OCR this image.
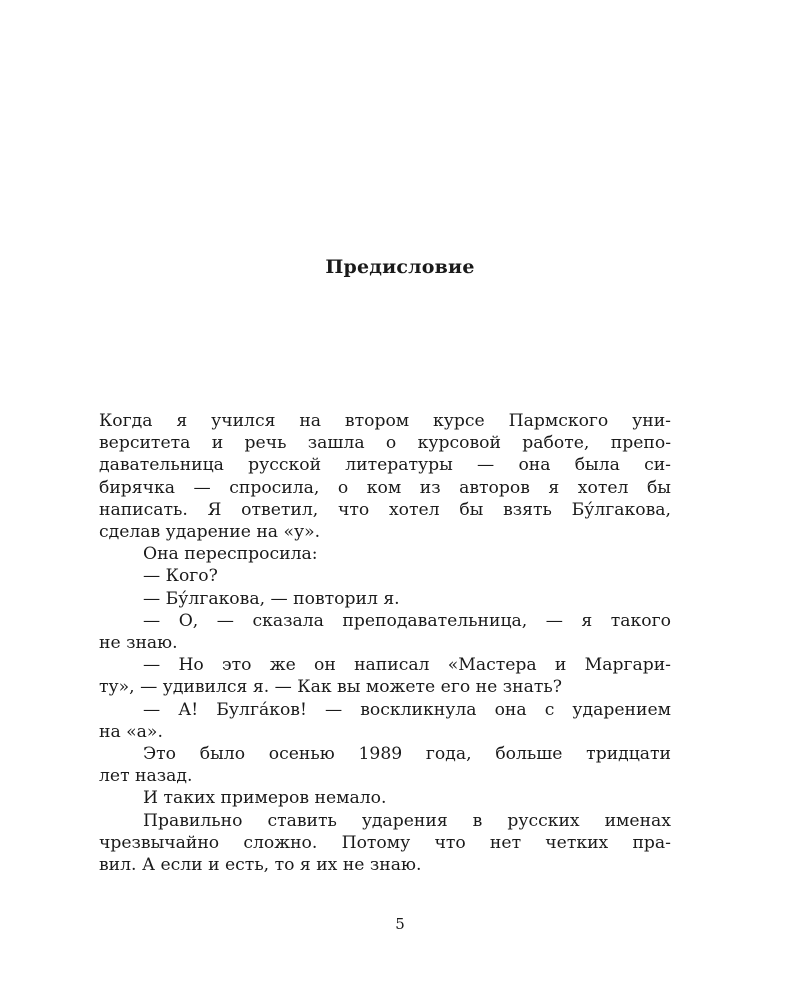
Предисловие
Когда я учился на втором курсе Пармского уни-
верситета и речь зашла о курсовой работе, препо-
давательница русской литературы — она была си-
бирячка — спросила, о ком из авторов я хотел бы
написать. Я ответил, что хотел бы взять Бу́лгакова,
сделав ударение на «у».
Она переспросила:
— Кого?
— Бу́лгакова, — повторил я.
— О, — сказала преподавательница, — я такого
не знаю.
— Но это же он написал «Мастера и Маргари-
ту», — удивился я. — Как вы можете его не знать?
— А! Булга́ков! — воскликнула она с ударением
на «а».
Это было осенью 1989 года, больше тридцати
лет назад.
И таких примеров немало.
Правильно ставить ударения в русских именах
чрезвычайно сложно. Потому что нет четких пра-
вил. А если и есть, то я их не знаю.
5
